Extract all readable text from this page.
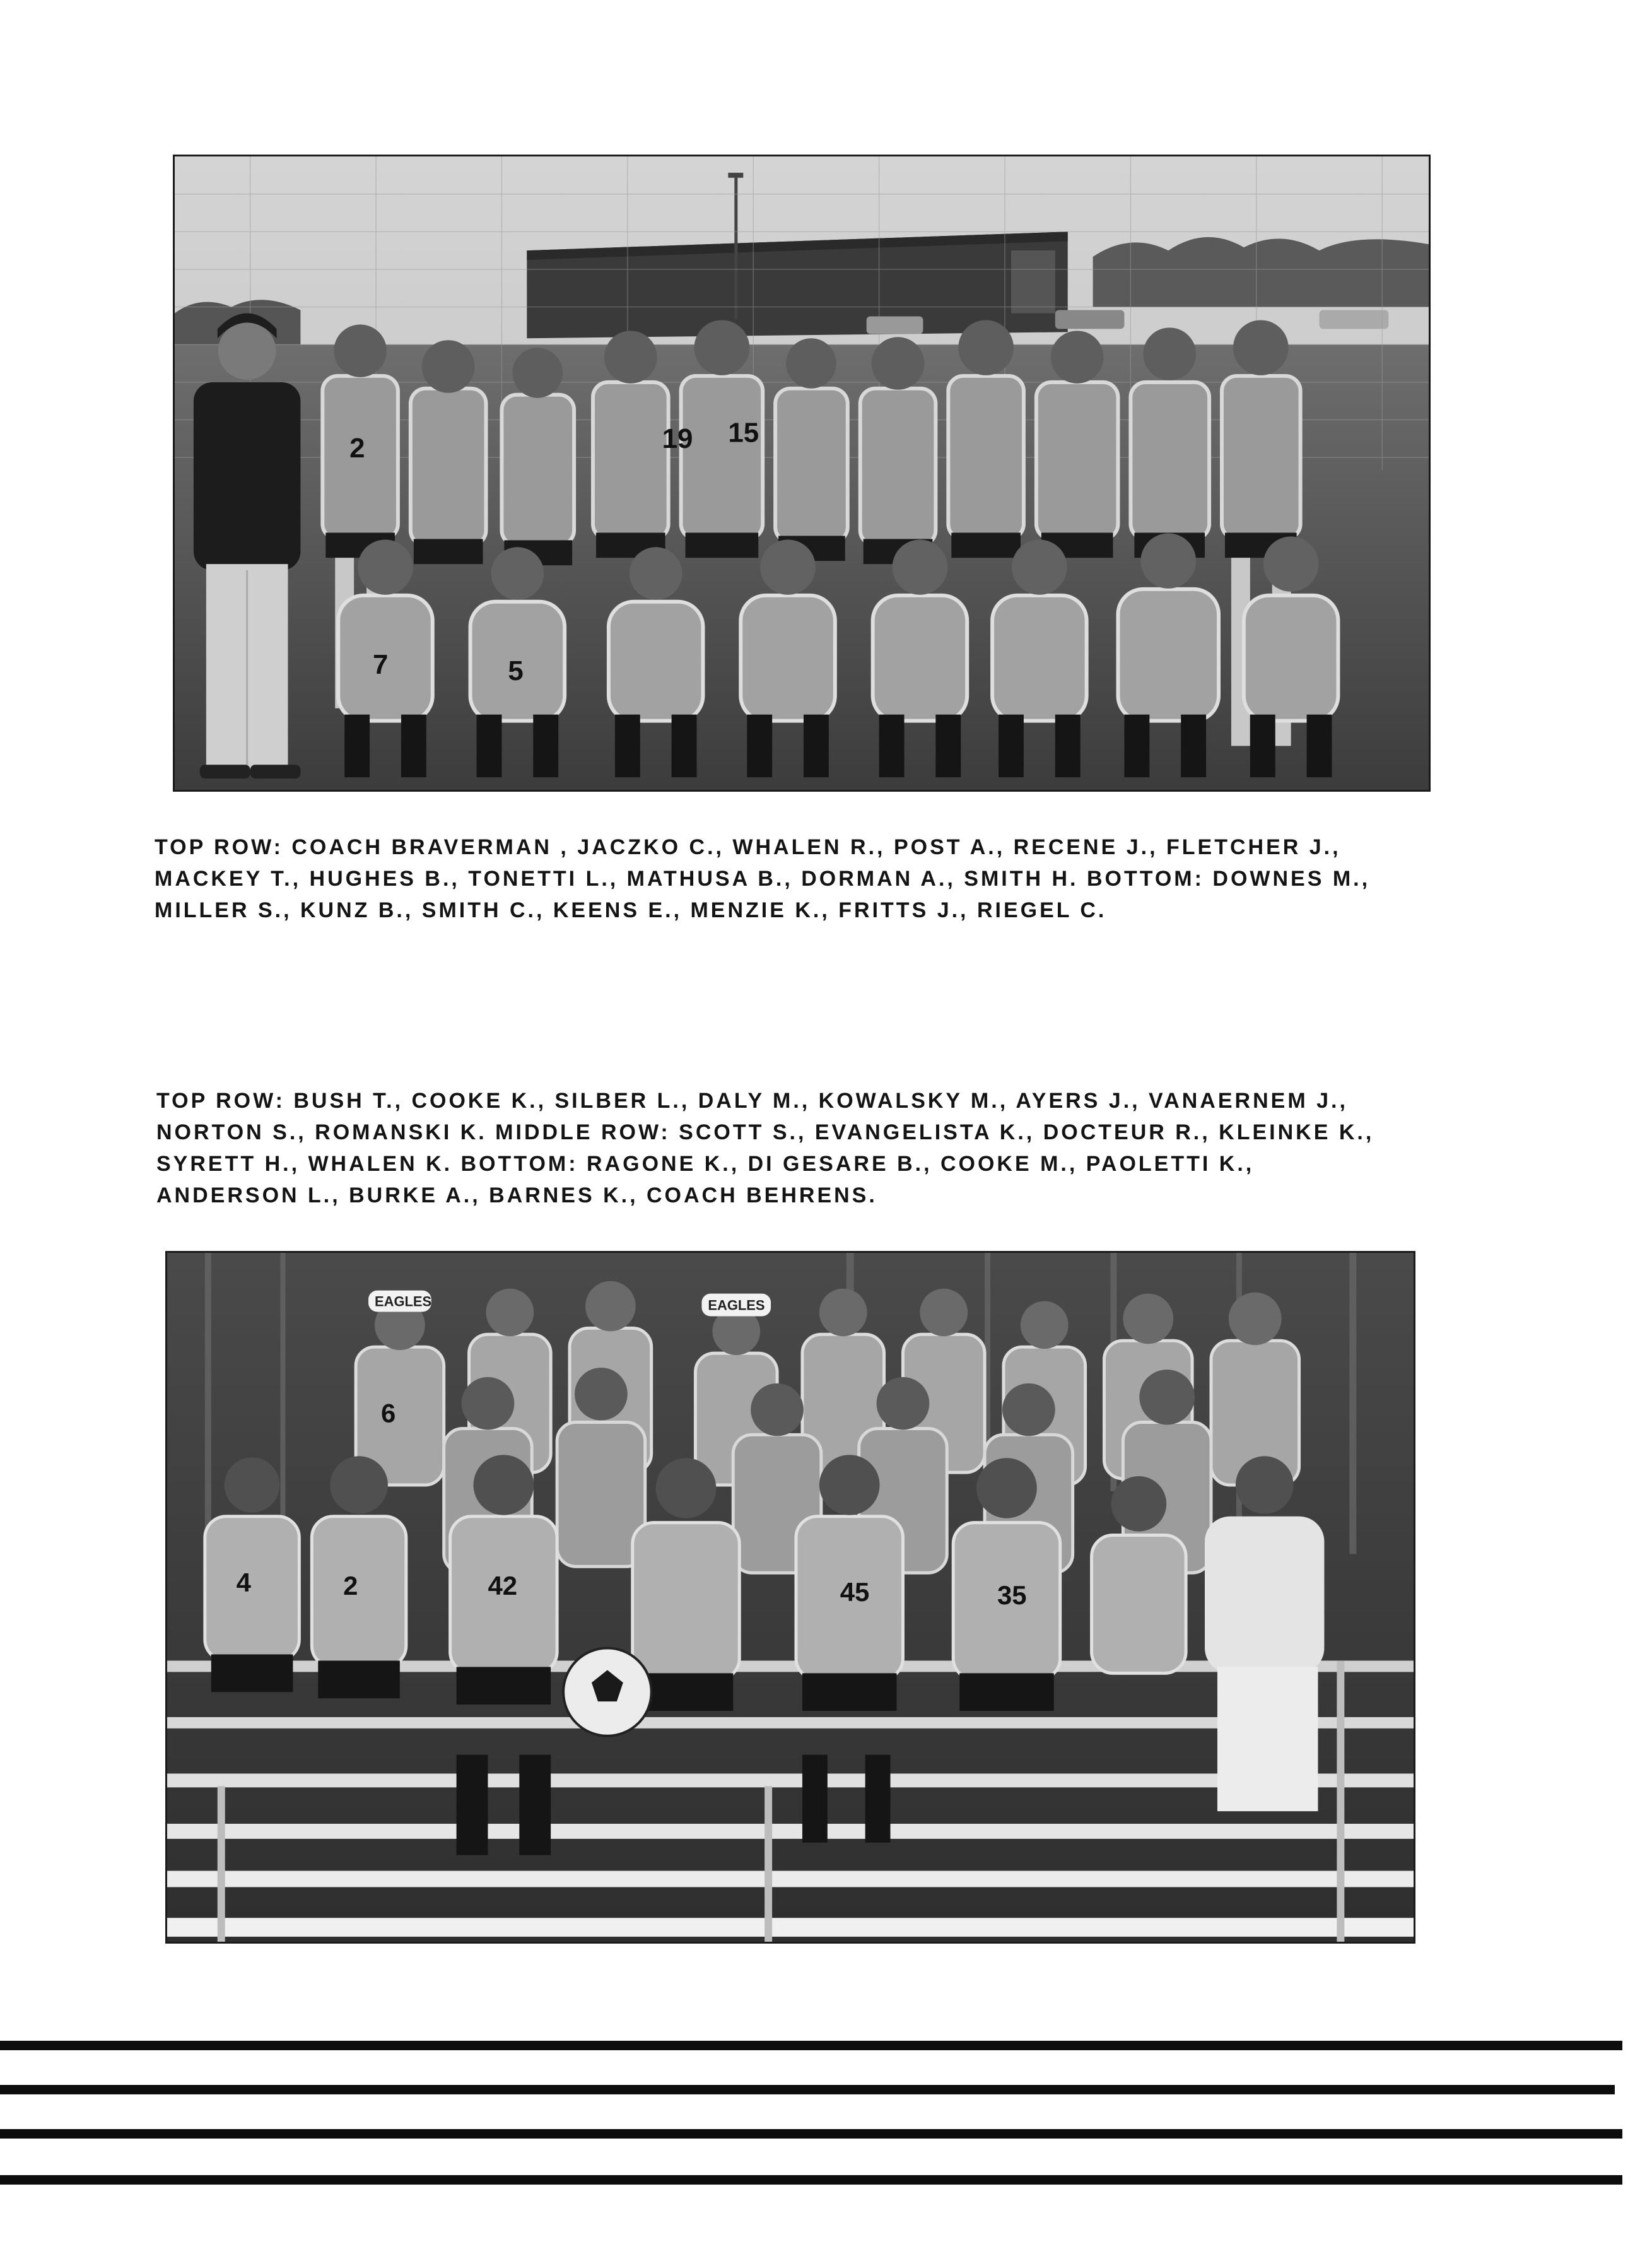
2	19 15
7	5
TOP ROW: COACH BRAVERMAN , JACZKO C., WHALEN R., POST A., RECENE J., FLETCHER J.,
MACKEY T., HUGHES B., TONETTI L., MATHUSA B., DORMAN A., SMITH H. BOTTOM: DOWNES M.,
MILLER S., KUNZ B., SMITH C., KEENS E., MENZIE K., FRITTS J., RIEGEL C.
TOP ROW: BUSH T., COOKE K., SILBER L., DALY M., KOWALSKY M., AYERS J., VANAERNEM J.,
NORTON S., ROMANSKI K. MIDDLE ROW: SCOTT S., EVANGELISTA K., DOCTEUR R., KLEINKE K.,
SYRETT H., WHALEN K. BOTTOM: RAGONE K., DI GESARE B., COOKE M., PAOLETTI K.,
ANDERSON L., BURKE A., BARNES K., COACH BEHRENS.
EAGLES	EAGLES
6
4	2	42	45	35
